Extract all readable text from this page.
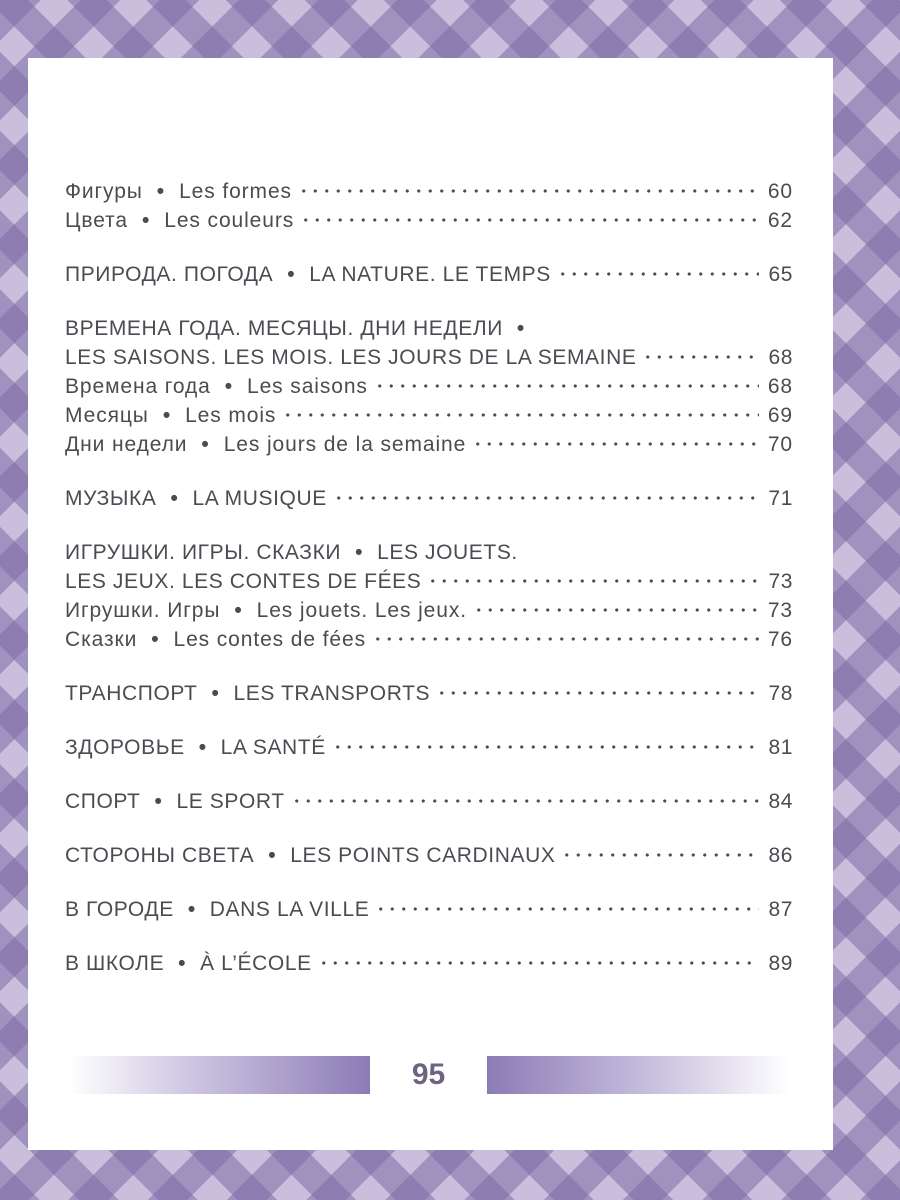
Фигуры • Les formes	60
Цвета • Les couleurs	62
ПРИРОДА. ПОГОДА • LA NATURE. LE TEMPS	65
ВРЕМЕНА ГОДА. МЕСЯЦЫ. ДНИ НЕДЕЛИ •
LES SAISONS. LES MOIS. LES JOURS DE LA SEMAINE	68
Времена года • Les saisons	68
Месяцы • Les mois	69
Дни недели • Les jours de la semaine	70
МУЗЫКА • LA MUSIQUE	71
ИГРУШКИ. ИГРЫ. СКАЗКИ • LES JOUETS.
LES JEUX. LES CONTES DE FÉES	73
Игрушки. Игры • Les jouets. Les jeux.	73
Сказки • Les contes de fées	76
ТРАНСПОРТ • LES TRANSPORTS	78
ЗДОРОВЬЕ • LA SANTÉ	81
СПОРТ • LE SPORT	84
СТОРОНЫ СВЕТА • LES POINTS CARDINAUX	86
В ГОРОДЕ • DANS LA VILLE	87
В ШКОЛЕ • À L’ÉCOLE	89
95
